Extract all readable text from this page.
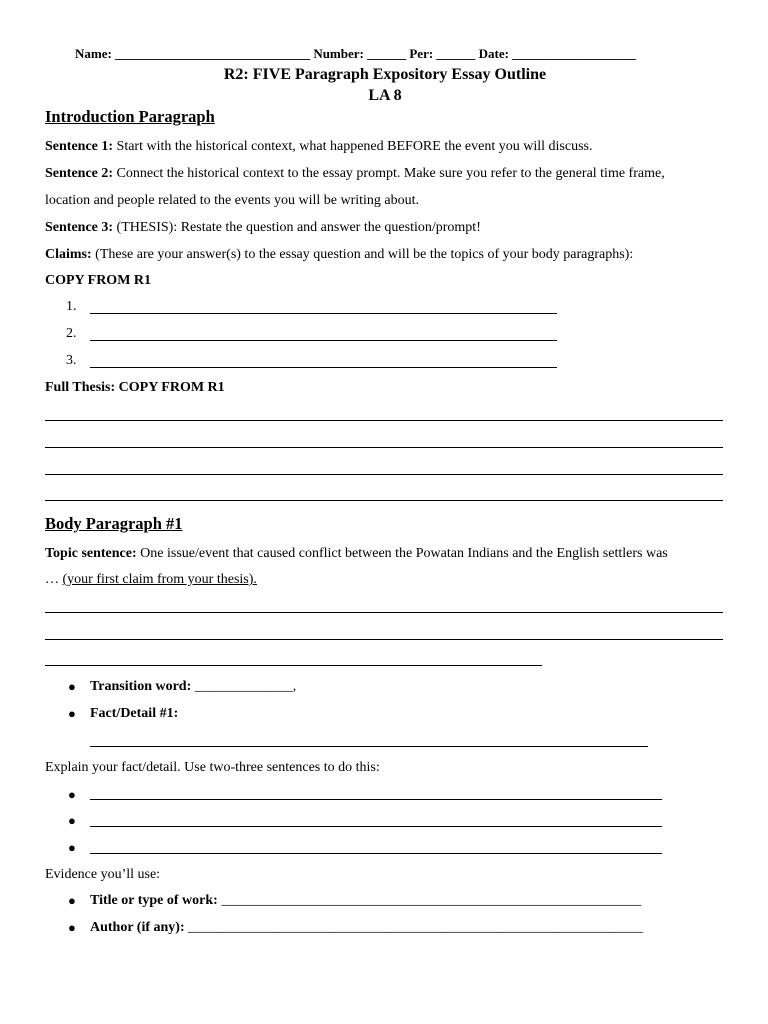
Name: ______________________________ Number: ______ Per: ______ Date: ___________________
R2: FIVE Paragraph Expository Essay Outline
LA 8
Introduction Paragraph
Sentence 1: Start with the historical context, what happened BEFORE the event you will discuss.
Sentence 2: Connect the historical context to the essay prompt. Make sure you refer to the general time frame,
location and people related to the events you will be writing about.
Sentence 3: (THESIS): Restate the question and answer the question/prompt!
Claims: (These are your answer(s) to the essay question and will be the topics of your body paragraphs):
COPY FROM R1
1.
2.
3.
Full Thesis: COPY FROM R1
Body Paragraph #1
Topic sentence: One issue/event that caused conflict between the Powatan Indians and the English settlers was
… (your first claim from your thesis).
● Transition word: ______________,
● Fact/Detail #1:
Explain your fact/detail. Use two-three sentences to do this:
●
●
●
Evidence you’ll use:
● Title or type of work: ____________________________________________________________
● Author (if any): _________________________________________________________________
